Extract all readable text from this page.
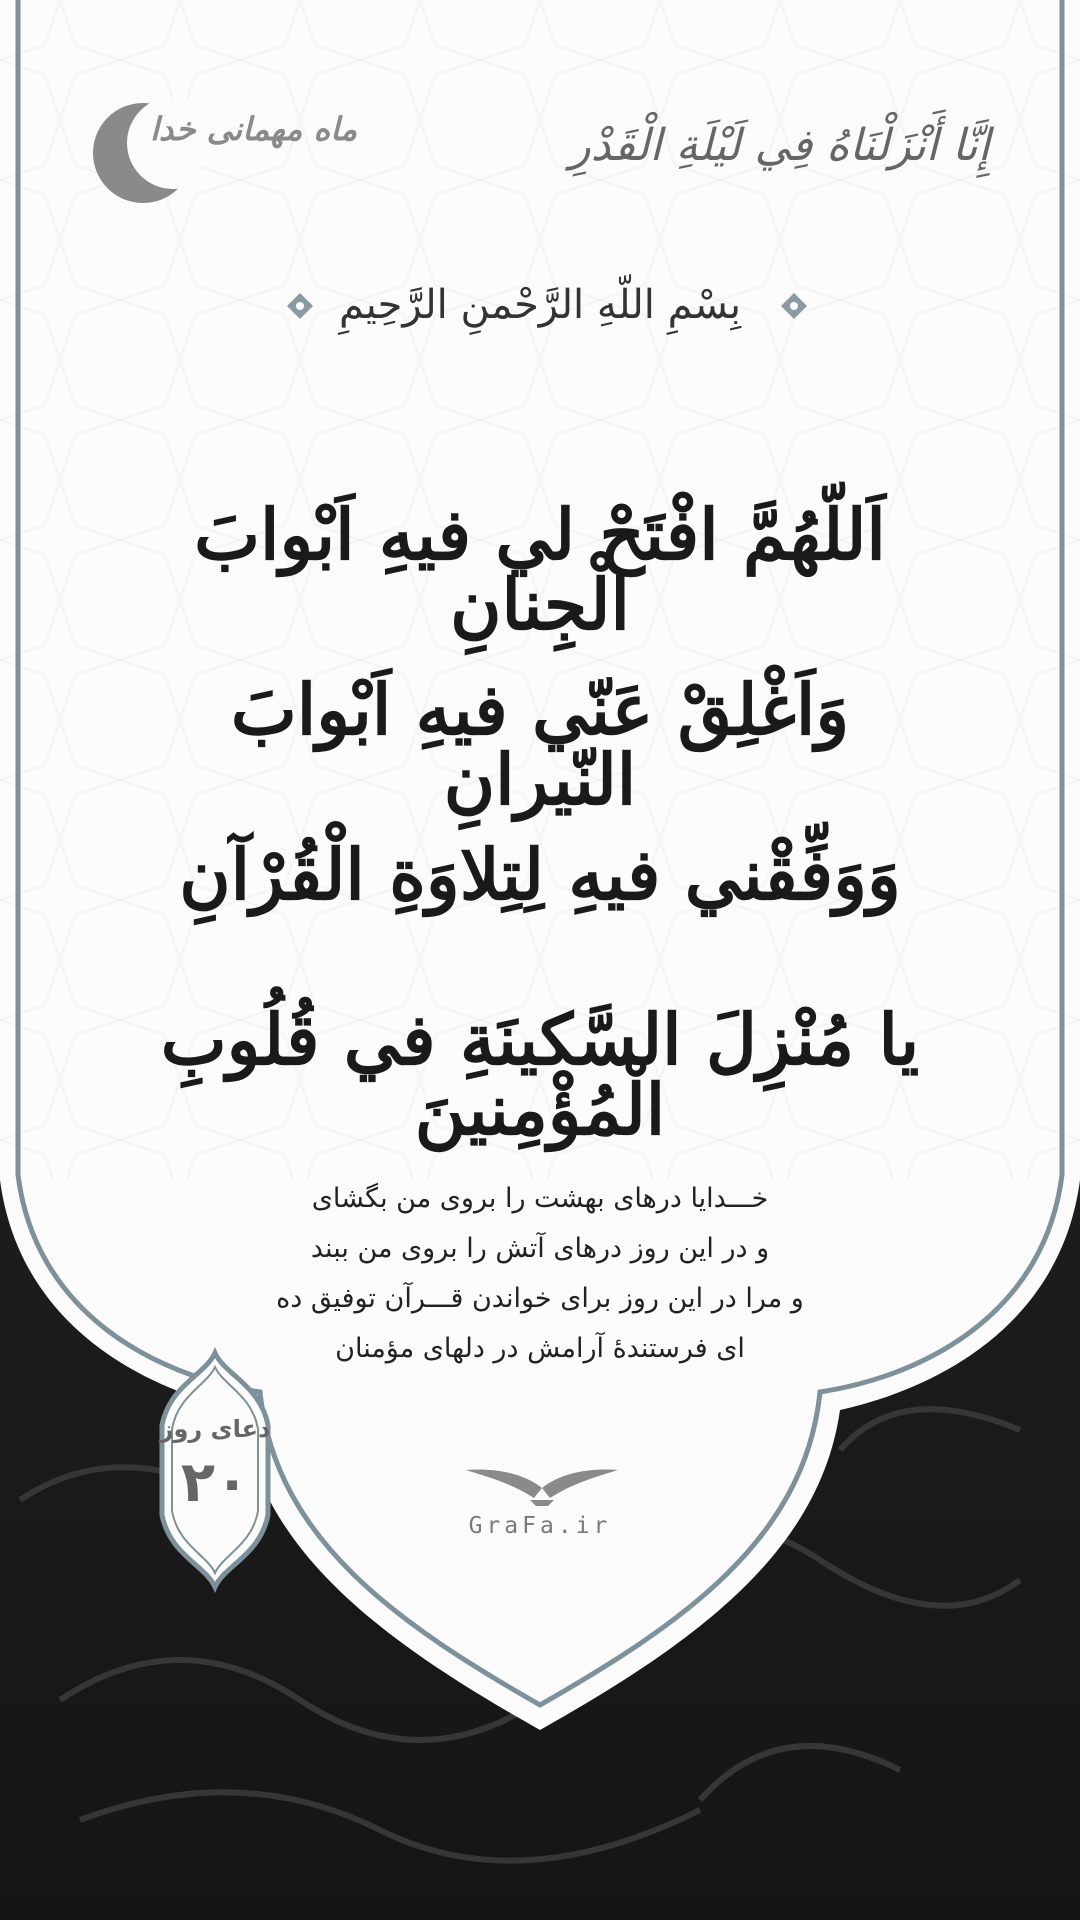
إِنَّا أَنْزَلْنَاهُ فِي لَيْلَةِ الْقَدْرِ
ماه مهمانی خدا
بِسْمِ اللّهِ الرَّحْمنِ الرَّحِيمِ
اَللّهُمَّ افْتَحْ لي فيهِ اَبْوابَ الْجِنانِ
وَاَغْلِقْ عَنّي فيهِ اَبْوابَ النّيرانِ
وَوَفِّقْني فيهِ لِتِلاوَةِ الْقُرْآنِ
يا مُنْزِلَ السَّكينَةِ في قُلُوبِ الْمُؤْمِنينَ
خـــدایا درهای بهشت را بروی من بگشای
و در این روز درهای آتش را بروی من ببند
و مرا در این روز برای خواندن قـــرآن توفیق ده
ای فرستندۀ آرامش در دلهای مؤمنان
دعای روز
۲۰
GraFa.ir
